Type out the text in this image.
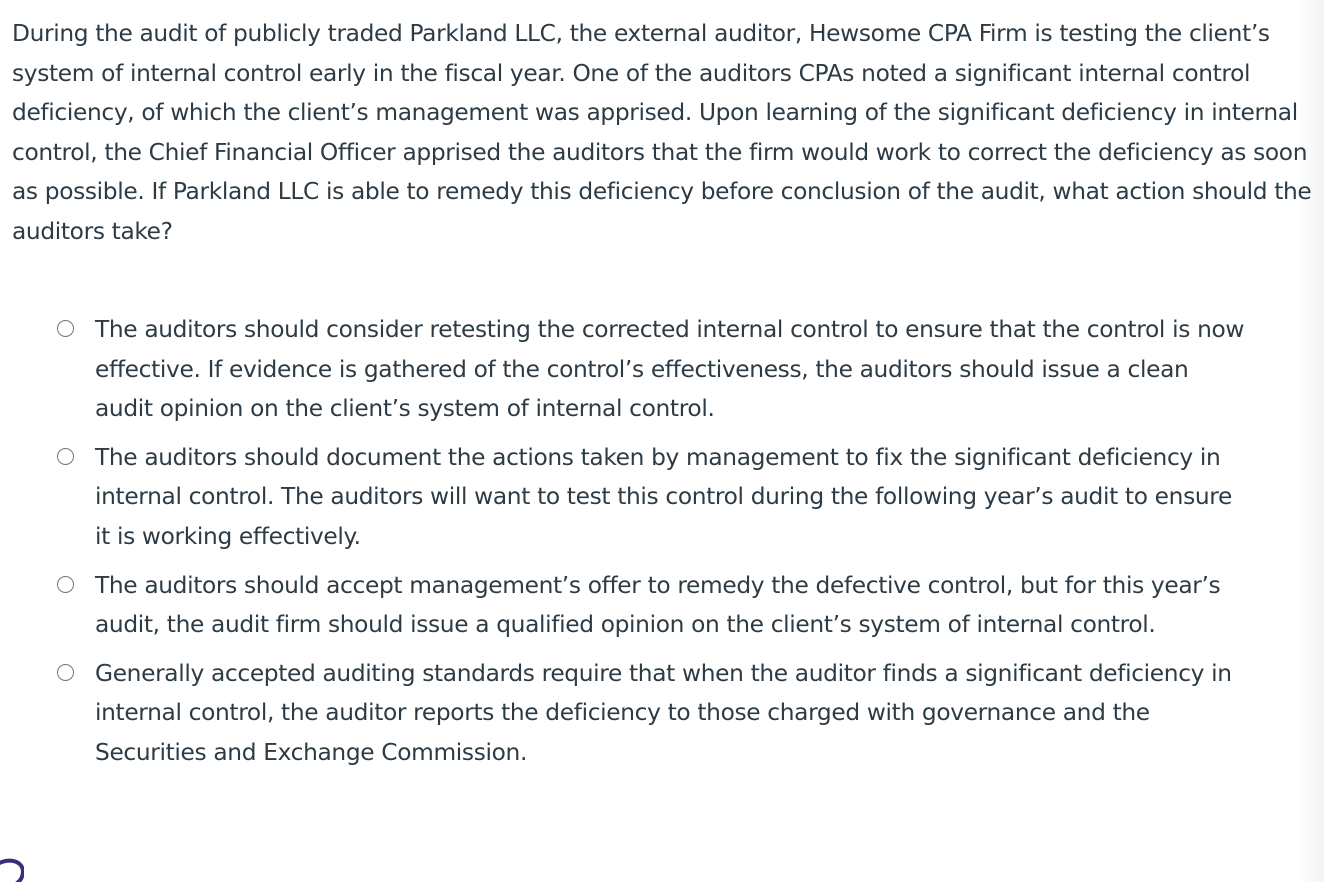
During the audit of publicly traded Parkland LLC, the external auditor, Hewsome CPA Firm is testing the client’s system of internal control early in the fiscal year. One of the auditors CPAs noted a significant internal control deficiency, of which the client’s management was apprised. Upon learning of the significant deficiency in internal control, the Chief Financial Officer apprised the auditors that the firm would work to correct the deficiency as soon as possible. If Parkland LLC is able to remedy this deficiency before conclusion of the audit, what action should the auditors take?

The auditors should consider retesting the corrected internal control to ensure that the control is now effective. If evidence is gathered of the control’s effectiveness, the auditors should issue a clean audit opinion on the client’s system of internal control.
The auditors should document the actions taken by management to fix the significant deficiency in internal control. The auditors will want to test this control during the following year’s audit to ensure it is working effectively.
The auditors should accept management’s offer to remedy the defective control, but for this year’s audit, the audit firm should issue a qualified opinion on the client’s system of internal control.
Generally accepted auditing standards require that when the auditor finds a significant deficiency in internal control, the auditor reports the deficiency to those charged with governance and the Securities and Exchange Commission.
